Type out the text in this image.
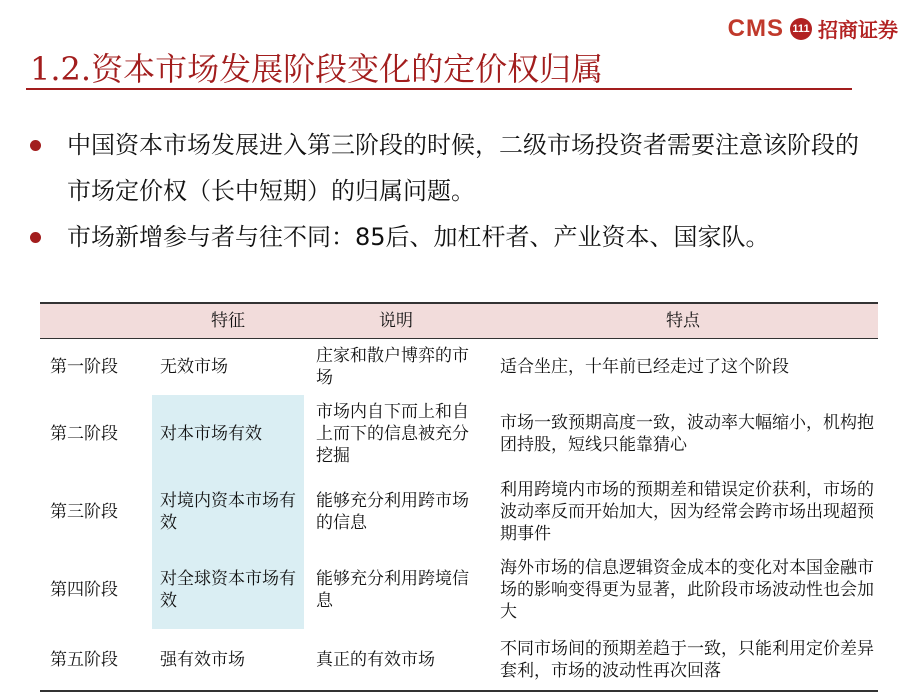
CMS 111 招商证券
1.2.资本市场发展阶段变化的定价权归属
中国资本市场发展进入第三阶段的时候，二级市场投资者需要注意该阶段的市场定价权（长中短期）的归属问题。
市场新增参与者与往不同：85后、加杠杆者、产业资本、国家队。
	特征	说明	特点
第一阶段	无效市场	庄家和散户博弈的市场	适合坐庄，十年前已经走过了这个阶段
第二阶段	对本市场有效	市场内自下而上和自上而下的信息被充分挖掘	市场一致预期高度一致，波动率大幅缩小，机构抱团持股，短线只能靠猜心
第三阶段	对境内资本市场有效	能够充分利用跨市场的信息	利用跨境内市场的预期差和错误定价获利，市场的波动率反而开始加大，因为经常会跨市场出现超预期事件
第四阶段	对全球资本市场有效	能够充分利用跨境信息	海外市场的信息逻辑资金成本的变化对本国金融市场的影响变得更为显著，此阶段市场波动性也会加大
第五阶段	强有效市场	真正的有效市场	不同市场间的预期差趋于一致，只能利用定价差异套利，市场的波动性再次回落
